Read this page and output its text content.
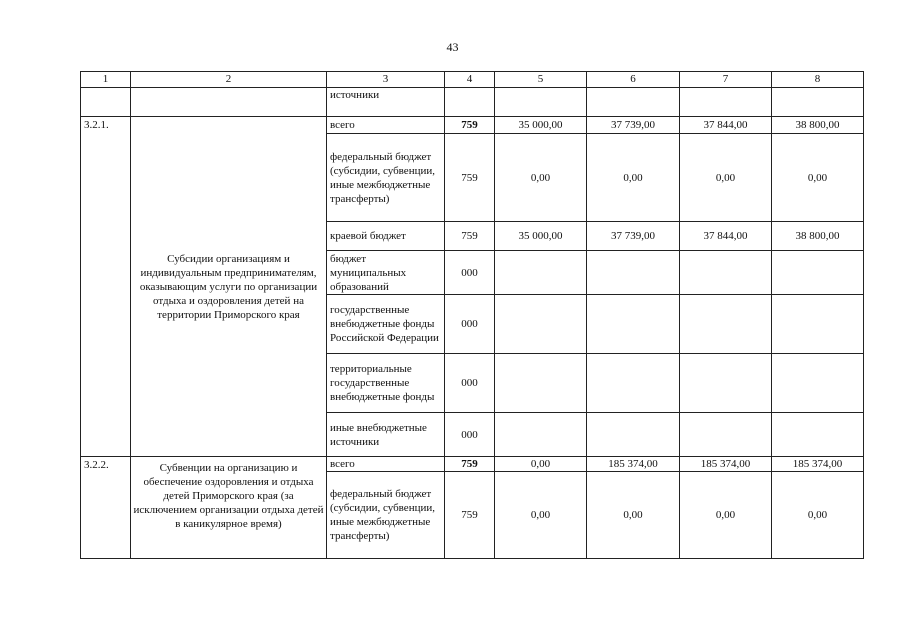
43
1	2	3	4	5	6	7	8
		источники					
3.2.1.	Субсидии организациям и индивидуальным предпринимателям, оказывающим услуги по организации отдыха и оздоровления детей на территории Приморского края	всего	759	35 000,00	37 739,00	37 844,00	38 800,00
		федеральный бюджет (субсидии, субвенции, иные межбюджетные трансферты)	759	0,00	0,00	0,00	0,00
		краевой бюджет	759	35 000,00	37 739,00	37 844,00	38 800,00
		бюджет муниципальных образований	000				
		государственные внебюджетные фонды Российской Федерации	000				
		территориальные государственные внебюджетные фонды	000				
		иные внебюджетные источники	000				
3.2.2.	Субвенции на организацию и обеспечение оздоровления и отдыха детей Приморского края (за исключением организации отдыха детей в каникулярное время)	всего	759	0,00	185 374,00	185 374,00	185 374,00
		федеральный бюджет (субсидии, субвенции, иные межбюджетные трансферты)	759	0,00	0,00	0,00	0,00
